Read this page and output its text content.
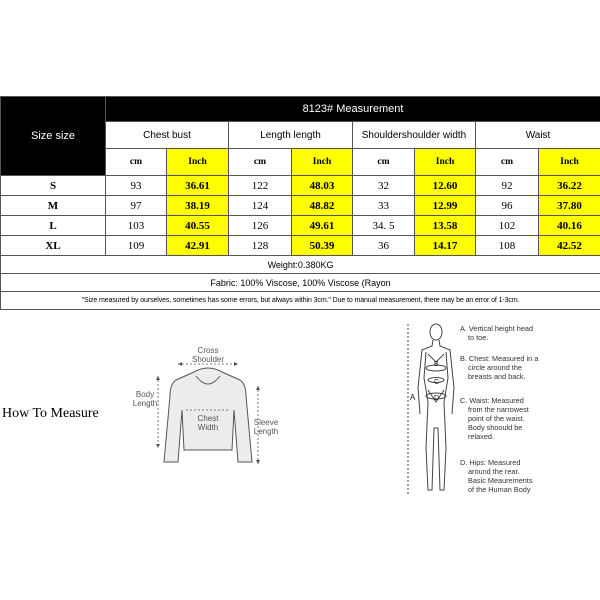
Size size	8123# Measurement							
	Chest bust		Length length		Shouldershoulder width		Waist	
	cm	Inch	cm	Inch	cm	Inch	cm	Inch
S	93	36.61	122	48.03	32	12.60	92	36.22
M	97	38.19	124	48.82	33	12.99	96	37.80
L	103	40.55	126	49.61	34. 5	13.58	102	40.16
XL	109	42.91	128	50.39	36	14.17	108	42.52
Weight:0.380KG								
Fabric: 100% Viscose, 100% Viscose (Rayon								
"Size measured by ourselves, sometimes has some errors, but always within 3cm." Due to manual measurement, there may be an error of 1-3cm.								
How To Measure
Cross
Shoulder
Body
Length
Chest
Width
Sleeve
Length
A
B
C
D
A. Vertical height head
to toe.
B. Chest: Measured in a
circle around the
breasts and back.
C. Waist: Measured
from the narrowest
point of the waist.
Body shoould be
relaxed.
D. Hips: Measured
around the rear.
Basic Meaurements
of the Human Body
